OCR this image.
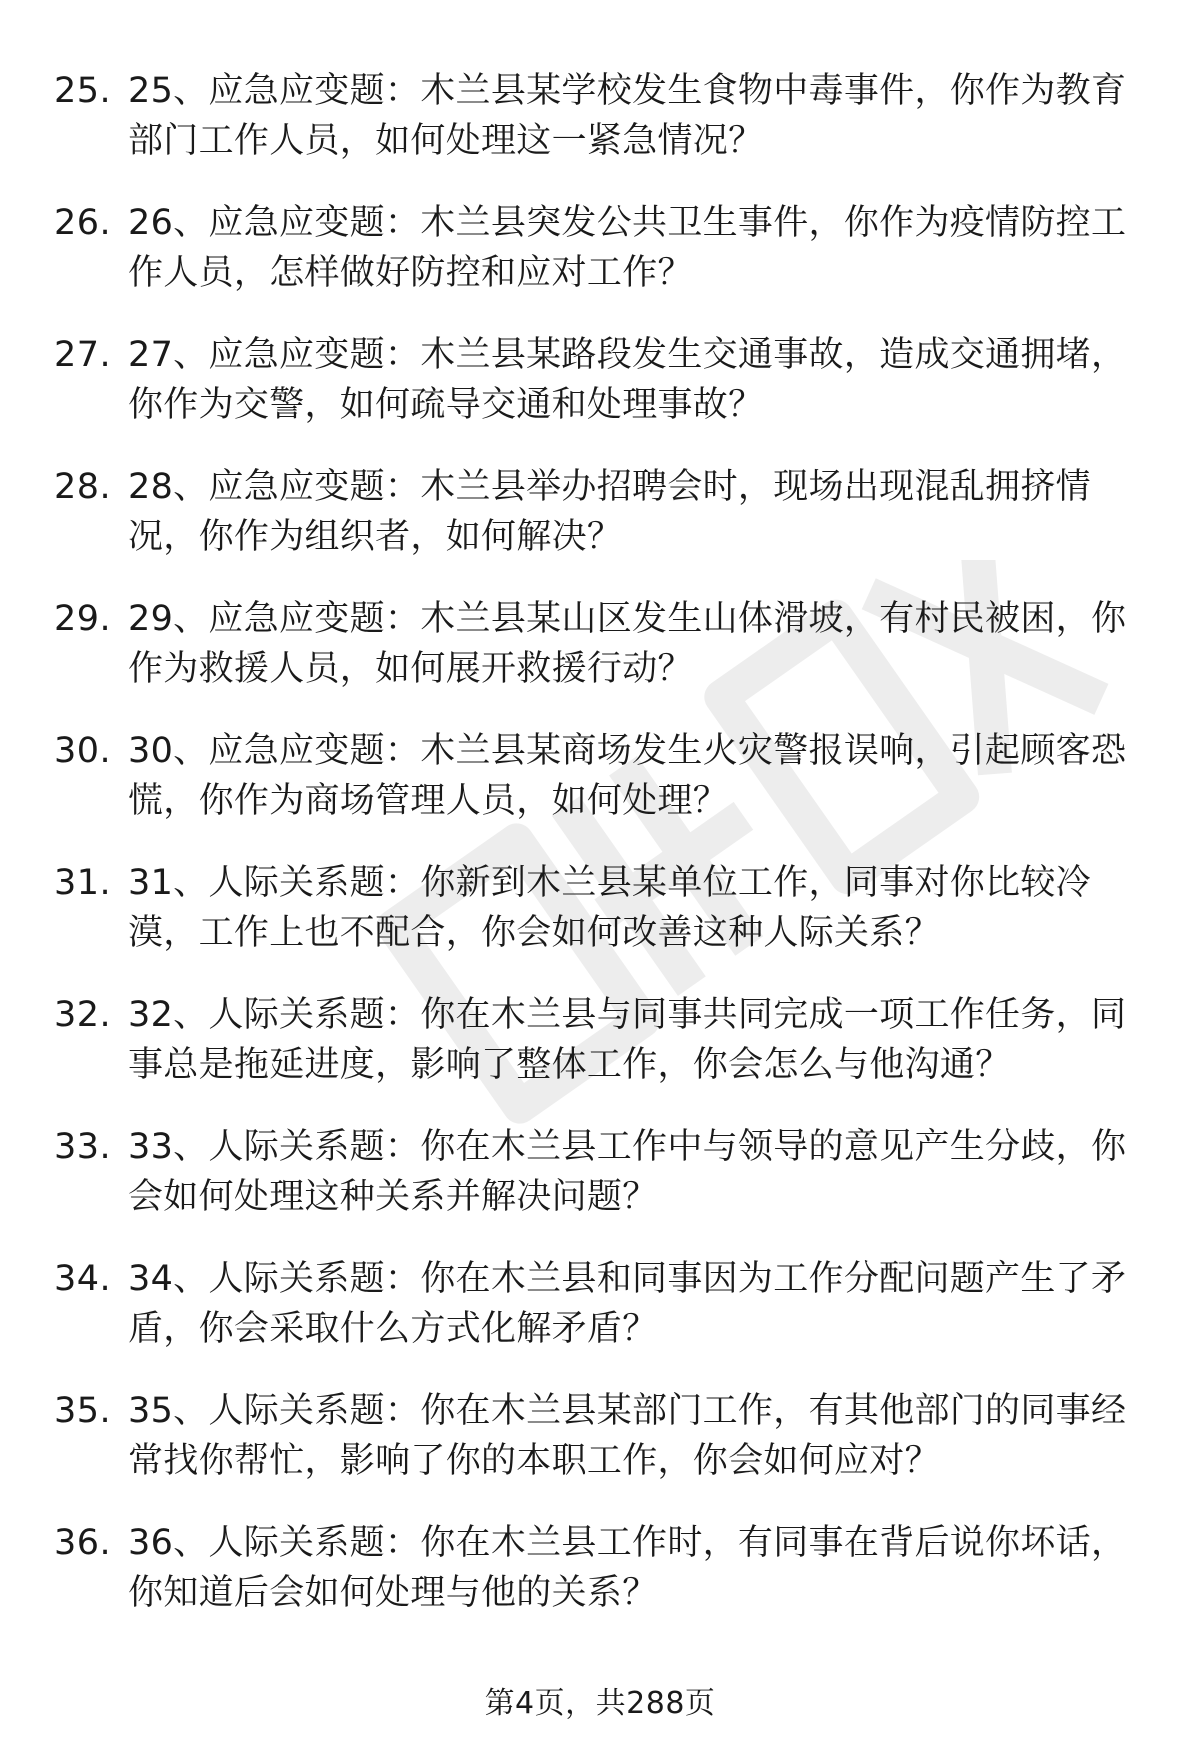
25. 25、应急应变题：木兰县某学校发生食物中毒事件，你作为教育部门工作人员，如何处理这一紧急情况？
26. 26、应急应变题：木兰县突发公共卫生事件，你作为疫情防控工作人员，怎样做好防控和应对工作？
27. 27、应急应变题：木兰县某路段发生交通事故，造成交通拥堵，你作为交警，如何疏导交通和处理事故？
28. 28、应急应变题：木兰县举办招聘会时，现场出现混乱拥挤情况，你作为组织者，如何解决？
29. 29、应急应变题：木兰县某山区发生山体滑坡，有村民被困，你作为救援人员，如何展开救援行动？
30. 30、应急应变题：木兰县某商场发生火灾警报误响，引起顾客恐慌，你作为商场管理人员，如何处理？
31. 31、人际关系题：你新到木兰县某单位工作，同事对你比较冷漠，工作上也不配合，你会如何改善这种人际关系？
32. 32、人际关系题：你在木兰县与同事共同完成一项工作任务，同事总是拖延进度，影响了整体工作，你会怎么与他沟通？
33. 33、人际关系题：你在木兰县工作中与领导的意见产生分歧，你会如何处理这种关系并解决问题？
34. 34、人际关系题：你在木兰县和同事因为工作分配问题产生了矛盾，你会采取什么方式化解矛盾？
35. 35、人际关系题：你在木兰县某部门工作，有其他部门的同事经常找你帮忙，影响了你的本职工作，你会如何应对？
36. 36、人际关系题：你在木兰县工作时，有同事在背后说你坏话，你知道后会如何处理与他的关系？
第4页，共288页
